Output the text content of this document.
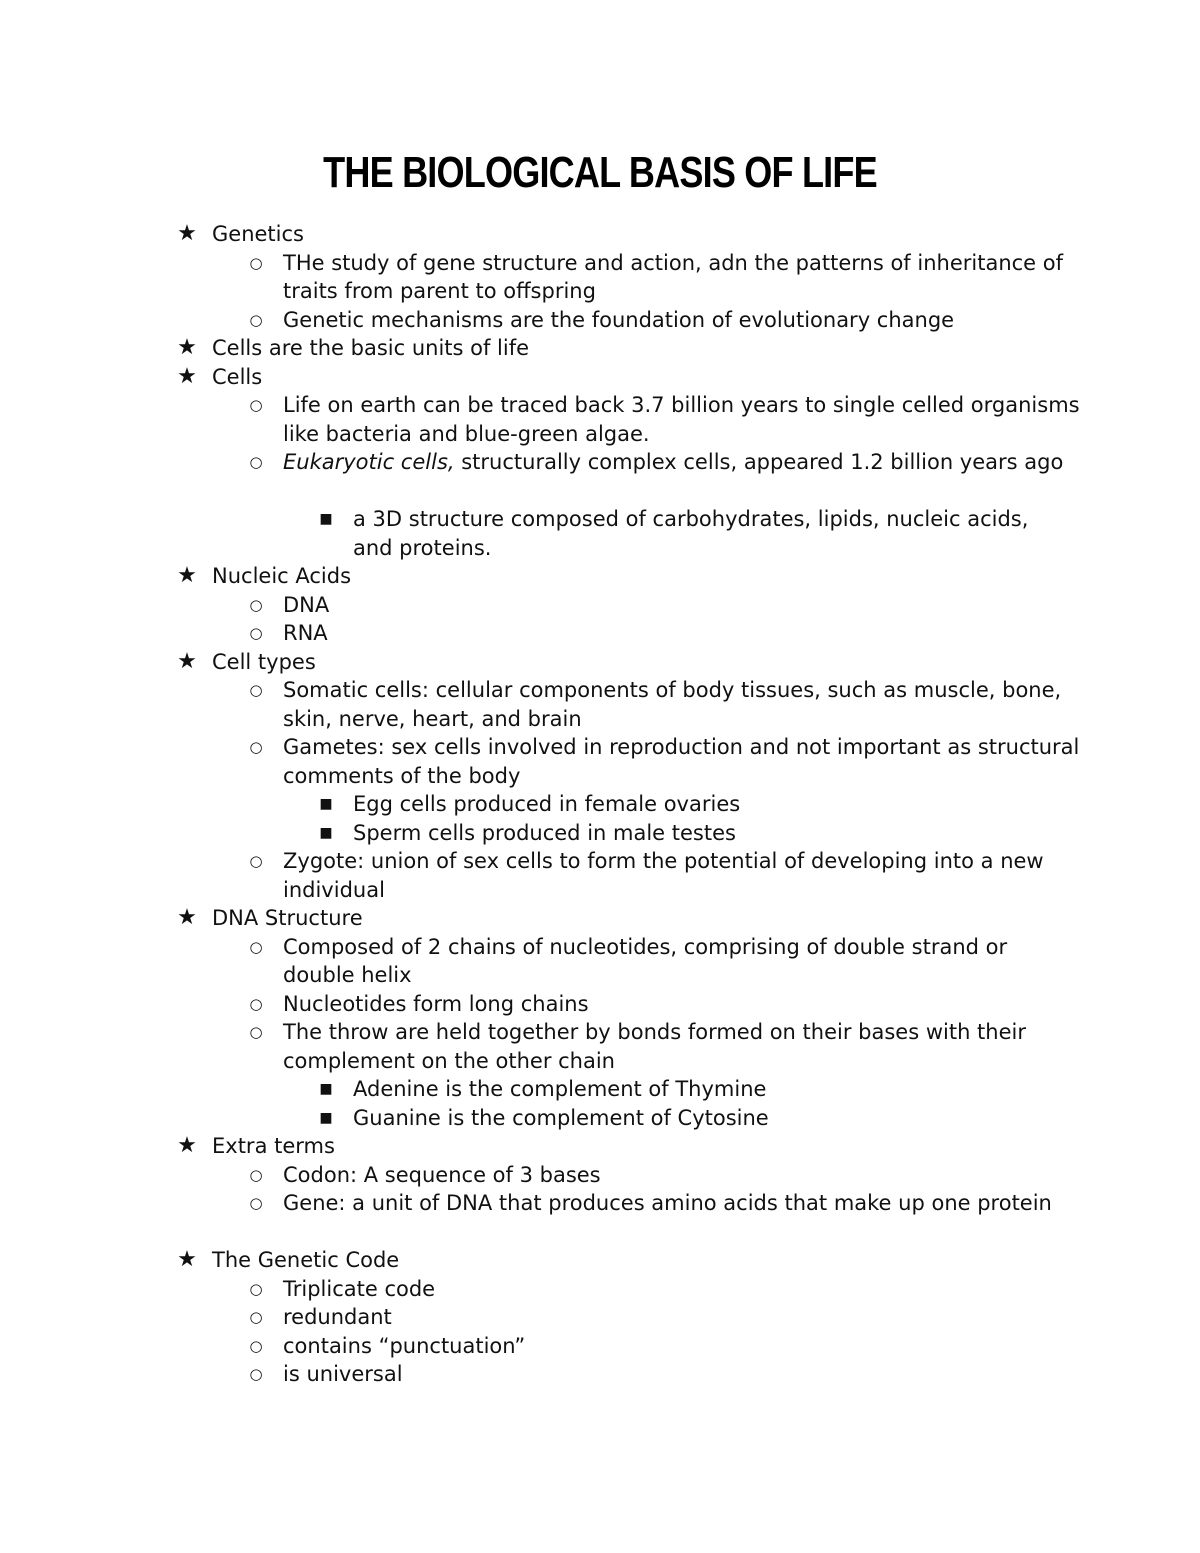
THE BIOLOGICAL BASIS OF LIFE
★ Genetics
○ THe study of gene structure and action, adn the patterns of inheritance of traits from parent to offspring
○ Genetic mechanisms are the foundation of evolutionary change
★ Cells are the basic units of life
★ Cells
○ Life on earth can be traced back 3.7 billion years to single celled organisms like bacteria and blue-green algae.
○ Eukaryotic cells, structurally complex cells, appeared 1.2 billion years ago
■ a 3D structure composed of carbohydrates, lipids, nucleic acids, and proteins.
★ Nucleic Acids
○ DNA
○ RNA
★ Cell types
○ Somatic cells: cellular components of body tissues, such as muscle, bone, skin, nerve, heart, and brain
○ Gametes: sex cells involved in reproduction and not important as structural comments of the body
■ Egg cells produced in female ovaries
■ Sperm cells produced in male testes
○ Zygote: union of sex cells to form the potential of developing into a new individual
★ DNA Structure
○ Composed of 2 chains of nucleotides, comprising of double strand or double helix
○ Nucleotides form long chains
○ The throw are held together by bonds formed on their bases with their complement on the other chain
■ Adenine is the complement of Thymine
■ Guanine is the complement of Cytosine
★ Extra terms
○ Codon: A sequence of 3 bases
○ Gene: a unit of DNA that produces amino acids that make up one protein
★ The Genetic Code
○ Triplicate code
○ redundant
○ contains “punctuation”
○ is universal
